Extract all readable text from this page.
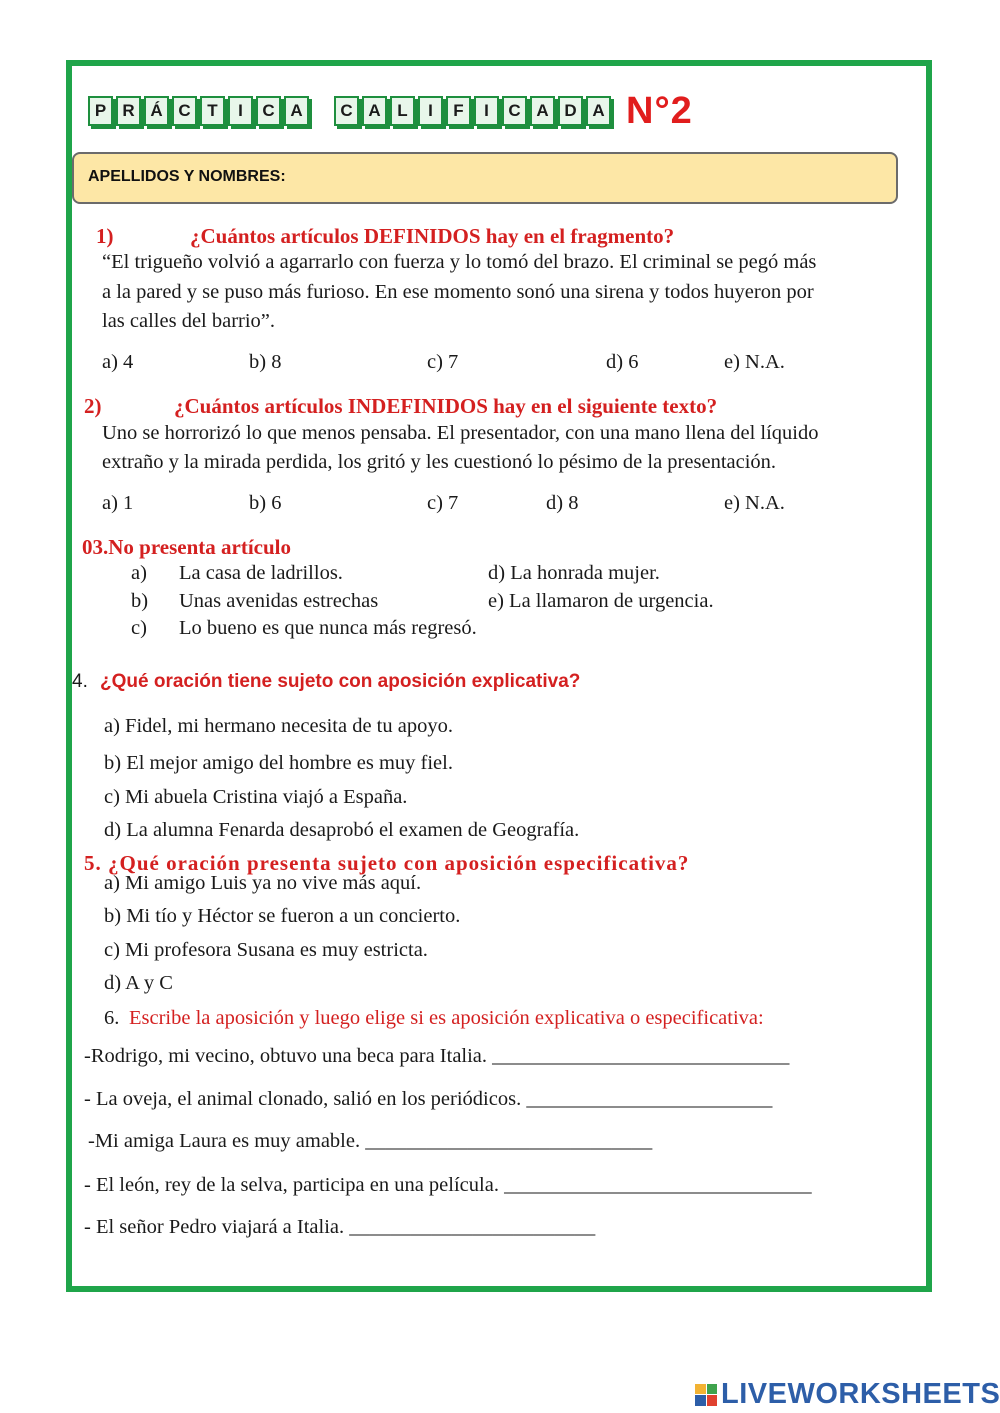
P R Á C T	I	C A	C A L	I	F	I	C A D A N°2
APELLIDOS Y NOMBRES:
1)	¿Cuántos artículos DEFINIDOS hay en el fragmento?
“El trigueño volvió a agarrarlo con fuerza y lo tomó del brazo. El criminal se pegó más
a la pared y se puso más furioso. En ese momento sonó una sirena y todos huyeron por
las calles del barrio”.
a) 4	b) 8	c) 7	d) 6	e) N.A.
2)	¿Cuántos artículos INDEFINIDOS hay en el siguiente texto?
Uno se horrorizó lo que menos pensaba. El presentador, con una mano llena del líquido
extraño y la mirada perdida, los gritó y les cuestionó lo pésimo de la presentación.
a) 1	b) 6	c) 7	d) 8	e) N.A.
03.No presenta artículo
a) La casa de ladrillos.
b) Unas avenidas estrechas
c) Lo bueno es que nunca más regresó.
d) La honrada mujer.
e) La llamaron de urgencia.
4. ¿Qué oración tiene sujeto con aposición explicativa?
a) Fidel, mi hermano necesita de tu apoyo.
b) El mejor amigo del hombre es muy fiel.
c) Mi abuela Cristina viajó a España.
d) La alumna Fenarda desaprobó el examen de Geografía.
5. ¿Qué oración presenta sujeto con aposición especificativa?
a) Mi amigo Luis ya no vive más aquí.
b) Mi tío y Héctor se fueron a un concierto.
c) Mi profesora Susana es muy estricta.
d) A y C
6. Escribe la aposición y luego elige si es aposición explicativa o especificativa:
-Rodrigo, mi vecino, obtuvo una beca para Italia. _____________________________
- La oveja, el animal clonado, salió en los periódicos. ________________________
-Mi amiga Laura es muy amable. ____________________________
- El león, rey de la selva, participa en una película. ______________________________
- El señor Pedro viajará a Italia. ________________________
LIVEWORKSHEETS
